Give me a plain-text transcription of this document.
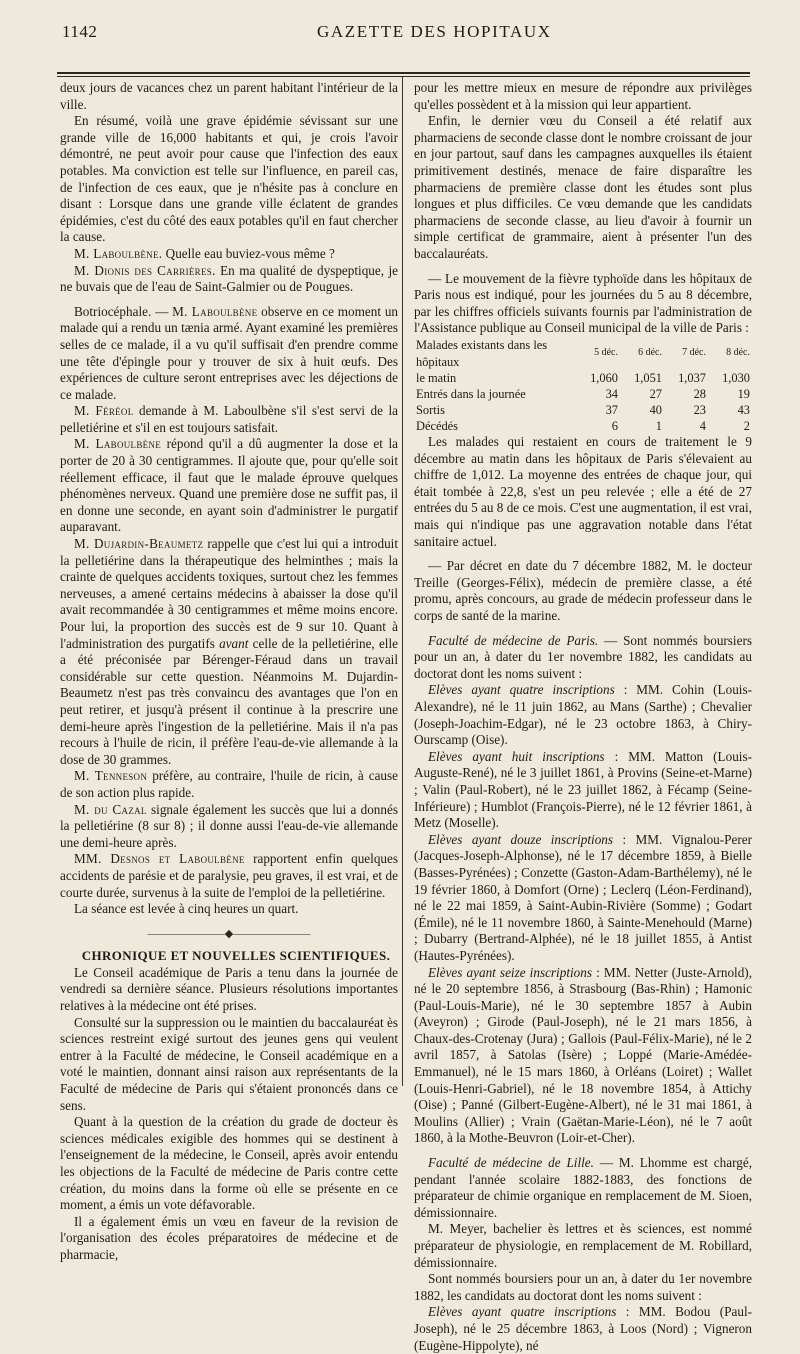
1142	GAZETTE DES HOPITAUX

deux jours de vacances chez un parent habitant l'intérieur de la ville.

En résumé, voilà une grave épidémie sévissant sur une grande ville de 16,000 habitants et qui, je crois l'avoir démontré, ne peut avoir pour cause que l'infection des eaux potables. Ma conviction est telle sur l'influence, en pareil cas, de l'infection de ces eaux, que je n'hésite pas à conclure en disant : Lorsque dans une grande ville éclatent de grandes épidémies, c'est du côté des eaux potables qu'il en faut chercher la cause.

M. Laboulbène. Quelle eau buviez-vous même ?

M. Dionis des Carrières. En ma qualité de dyspeptique, je ne buvais que de l'eau de Saint-Galmier ou de Pougues.

Botriocéphale. — M. Laboulbène observe en ce moment un malade qui a rendu un tænia armé. Ayant examiné les premières selles de ce malade, il a vu qu'il suffisait d'en prendre comme une tête d'épingle pour y trouver de six à huit œufs. Des expériences de culture seront entreprises avec les déjections de ce malade.

M. Féréol demande à M. Laboulbène s'il s'est servi de la pelletiérine et s'il en est toujours satisfait.

M. Laboulbène répond qu'il a dû augmenter la dose et la porter de 20 à 30 centigrammes. Il ajoute que, pour qu'elle soit réellement efficace, il faut que le malade éprouve quelques phénomènes nerveux. Quand une première dose ne suffit pas, il en donne une seconde, en ayant soin d'administrer le purgatif auparavant.

M. Dujardin-Beaumetz rappelle que c'est lui qui a introduit la pelletiérine dans la thérapeutique des helminthes ; mais la crainte de quelques accidents toxiques, surtout chez les femmes nerveuses, a amené certains médecins à abaisser la dose qu'il avait recommandée à 30 centigrammes et même moins encore. Pour lui, la proportion des succès est de 9 sur 10. Quant à l'administration des purgatifs avant celle de la pelletiérine, elle a été préconisée par Bérenger-Féraud dans un travail considérable sur cette question. Néanmoins M. Dujardin-Beaumetz n'est pas très convaincu des avantages que l'on en peut retirer, et jusqu'à présent il continue à la prescrire une demi-heure après l'ingestion de la pelletiérine. Mais il n'a pas recours à l'huile de ricin, il préfère l'eau-de-vie allemande à la dose de 30 grammes.

M. Tenneson préfère, au contraire, l'huile de ricin, à cause de son action plus rapide.

M. du Cazal signale également les succès que lui a donnés la pelletiérine (8 sur 8) ; il donne aussi l'eau-de-vie allemande une demi-heure après.

MM. Desnos et Laboulbène rapportent enfin quelques accidents de parésie et de paralysie, peu graves, il est vrai, et de courte durée, survenus à la suite de l'emploi de la pelletiérine.

La séance est levée à cinq heures un quart.

———————◆———————

CHRONIQUE ET NOUVELLES SCIENTIFIQUES.

Le Conseil académique de Paris a tenu dans la journée de vendredi sa dernière séance. Plusieurs résolutions importantes relatives à la médecine ont été prises.

Consulté sur la suppression ou le maintien du baccalauréat ès sciences restreint exigé surtout des jeunes gens qui veulent entrer à la Faculté de médecine, le Conseil académique en a voté le maintien, donnant ainsi raison aux représentants de la Faculté de médecine de Paris qui s'étaient prononcés dans ce sens.

Quant à la question de la création du grade de docteur ès sciences médicales exigible des hommes qui se destinent à l'enseignement de la médecine, le Conseil, après avoir entendu les objections de la Faculté de médecine de Paris contre cette création, du moins dans la forme où elle se présente en ce moment, a émis un vote défavorable.

Il a également émis un vœu en faveur de la revision de l'organisation des écoles préparatoires de médecine et de pharmacie,

pour les mettre mieux en mesure de répondre aux privilèges qu'elles possèdent et à la mission qui leur appartient.

Enfin, le dernier vœu du Conseil a été relatif aux pharmaciens de seconde classe dont le nombre croissant de jour en jour partout, sauf dans les campagnes auxquelles ils étaient primitivement destinés, menace de faire disparaître les pharmaciens de première classe dont les études sont plus longues et plus difficiles. Ce vœu demande que les candidats pharmaciens de seconde classe, au lieu d'avoir à fournir un simple certificat de grammaire, aient à présenter l'un des baccalauréats.

— Le mouvement de la fièvre typhoïde dans les hôpitaux de Paris nous est indiqué, pour les journées du 5 au 8 décembre, par les chiffres officiels suivants fournis par l'administration de l'Assistance publique au Conseil municipal de la ville de Paris :

Malades existants dans les hôpitaux	5 déc.	6 déc.	7 déc.	8 déc.
le matin	1,060	1,051	1,037	1,030
Entrés dans la journée	34	27	28	19
Sortis	37	40	23	43
Décédés	6	1	4	2

Les malades qui restaient en cours de traitement le 9 décembre au matin dans les hôpitaux de Paris s'élevaient au chiffre de 1,012. La moyenne des entrées de chaque jour, qui était tombée à 22,8, s'est un peu relevée ; elle a été de 27 entrées du 5 au 8 de ce mois. C'est une augmentation, il est vrai, mais qui n'indique pas une aggravation notable dans l'état sanitaire actuel.

— Par décret en date du 7 décembre 1882, M. le docteur Treille (Georges-Félix), médecin de première classe, a été promu, après concours, au grade de médecin professeur dans le corps de santé de la marine.

Faculté de médecine de Paris. — Sont nommés boursiers pour un an, à dater du 1er novembre 1882, les candidats au doctorat dont les noms suivent :

Elèves ayant quatre inscriptions : MM. Cohin (Louis-Alexandre), né le 11 juin 1862, au Mans (Sarthe) ; Chevalier (Joseph-Joachim-Edgar), né le 23 octobre 1863, à Chiry-Ourscamp (Oise).

Elèves ayant huit inscriptions : MM. Matton (Louis-Auguste-René), né le 3 juillet 1861, à Provins (Seine-et-Marne) ; Valin (Paul-Robert), né le 23 juillet 1862, à Fécamp (Seine-Inférieure) ; Humblot (François-Pierre), né le 12 février 1861, à Metz (Moselle).

Elèves ayant douze inscriptions : MM. Vignalou-Perer (Jacques-Joseph-Alphonse), né le 17 décembre 1859, à Bielle (Basses-Pyrénées) ; Conzette (Gaston-Adam-Barthélemy), né le 19 février 1860, à Domfort (Orne) ; Leclerq (Léon-Ferdinand), né le 22 mai 1859, à Saint-Aubin-Rivière (Somme) ; Godart (Émile), né le 11 novembre 1860, à Sainte-Menehould (Marne) ; Dubarry (Bertrand-Alphée), né le 18 juillet 1855, à Antist (Hautes-Pyrénées).

Elèves ayant seize inscriptions : MM. Netter (Juste-Arnold), né le 20 septembre 1856, à Strasbourg (Bas-Rhin) ; Hamonic (Paul-Louis-Marie), né le 30 septembre 1857 à Aubin (Aveyron) ; Girode (Paul-Joseph), né le 21 mars 1856, à Chaux-des-Crotenay (Jura) ; Gallois (Paul-Félix-Marie), né le 2 avril 1857, à Satolas (Isère) ; Loppé (Marie-Amédée-Emmanuel), né le 15 mars 1860, à Orléans (Loiret) ; Wallet (Louis-Henri-Gabriel), né le 18 novembre 1854, à Attichy (Oise) ; Panné (Gilbert-Eugène-Albert), né le 31 mai 1861, à Moulins (Allier) ; Vrain (Gaëtan-Marie-Léon), né le 7 août 1860, à la Mothe-Beuvron (Loir-et-Cher).

Faculté de médecine de Lille. — M. Lhomme est chargé, pendant l'année scolaire 1882-1883, des fonctions de préparateur de chimie organique en remplacement de M. Sioen, démissionnaire.

M. Meyer, bachelier ès lettres et ès sciences, est nommé préparateur de physiologie, en remplacement de M. Robillard, démissionnaire.

Sont nommés boursiers pour un an, à dater du 1er novembre 1882, les candidats au doctorat dont les noms suivent :

Elèves ayant quatre inscriptions : MM. Bodou (Paul-Joseph), né le 25 décembre 1863, à Loos (Nord) ; Vigneron (Eugène-Hippolyte), né
